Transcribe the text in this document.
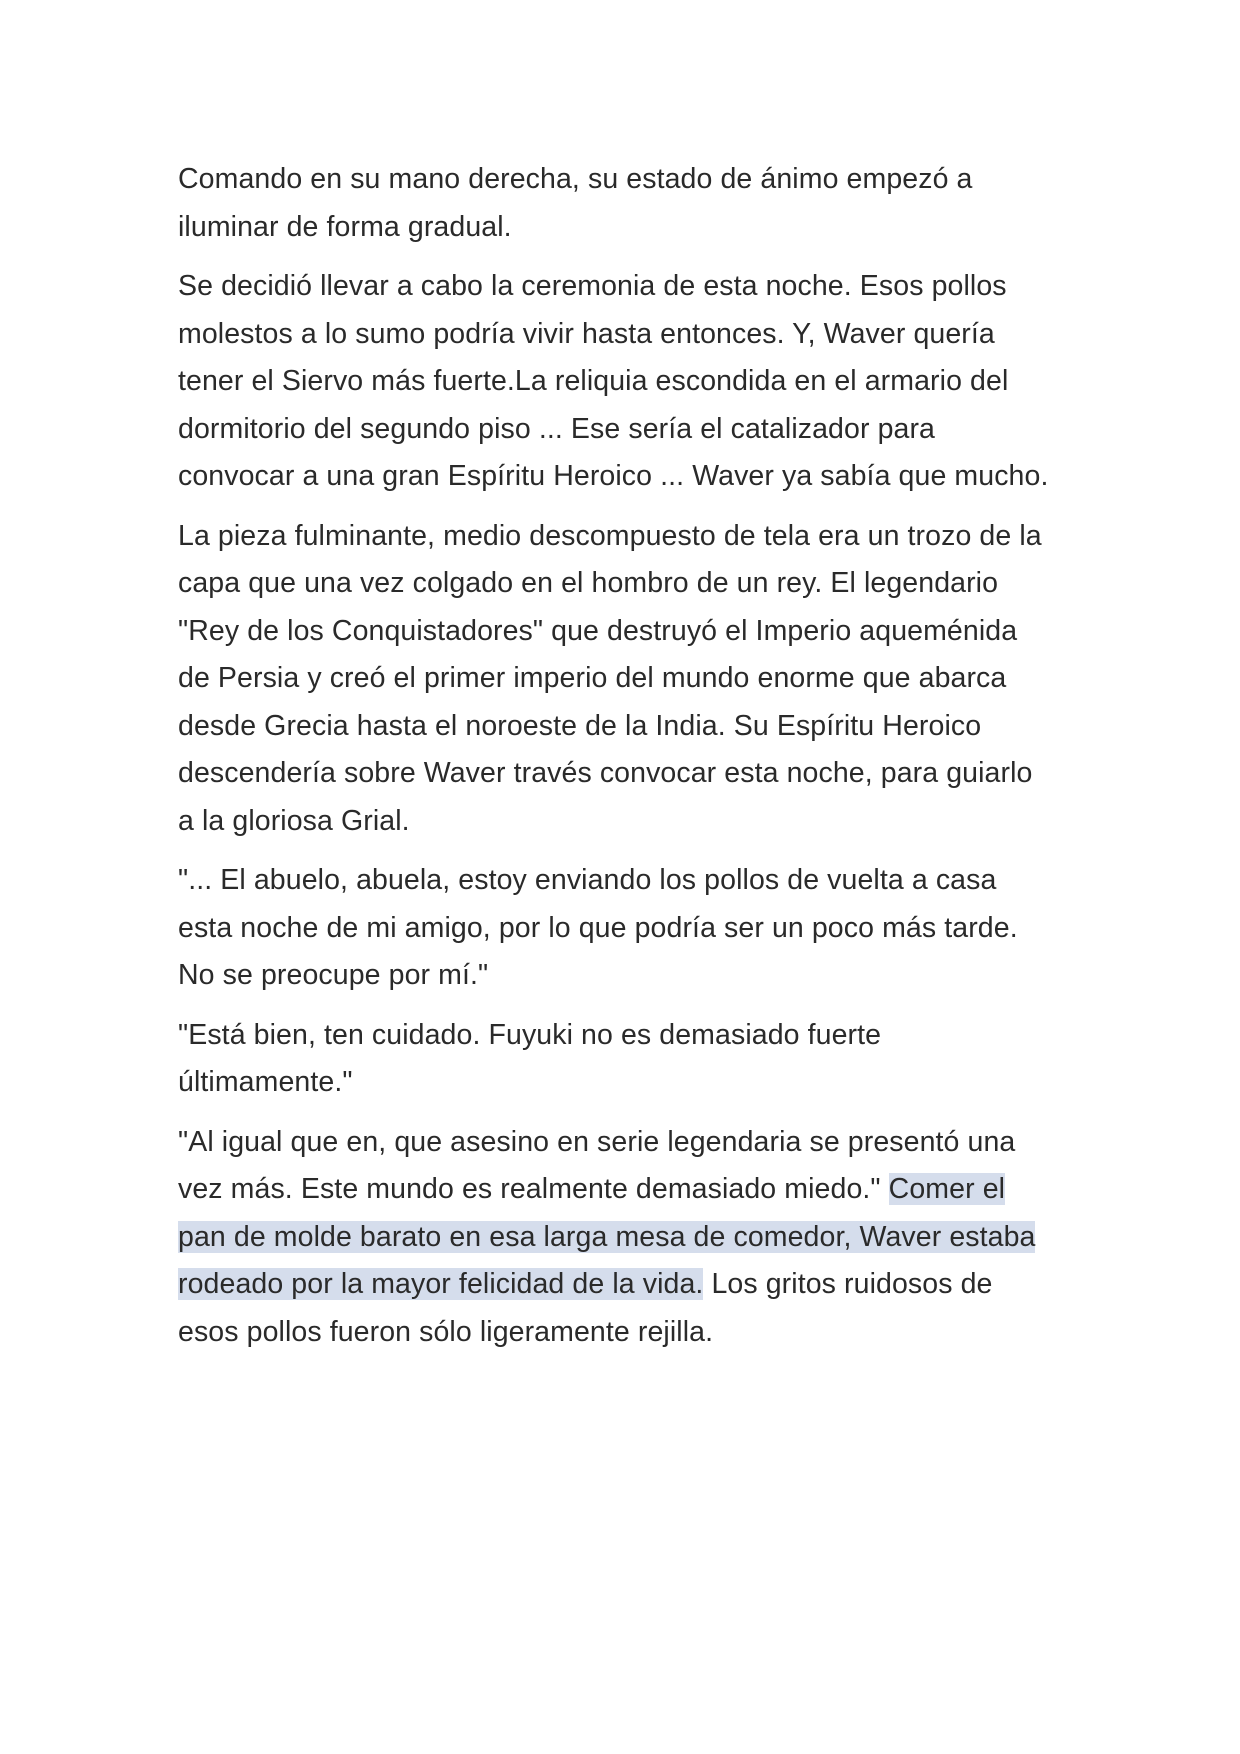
Comando en su mano derecha, su estado de ánimo empezó a
iluminar de forma gradual.
Se decidió llevar a cabo la ceremonia de esta noche. Esos pollos
molestos a lo sumo podría vivir hasta entonces. Y, Waver quería
tener el Siervo más fuerte.La reliquia escondida en el armario del
dormitorio del segundo piso ... Ese sería el catalizador para
convocar a una gran Espíritu Heroico ... Waver ya sabía que mucho.
La pieza fulminante, medio descompuesto de tela era un trozo de la
capa que una vez colgado en el hombro de un rey. El legendario
"Rey de los Conquistadores" que destruyó el Imperio aqueménida
de Persia y creó el primer imperio del mundo enorme que abarca
desde Grecia hasta el noroeste de la India. Su Espíritu Heroico
descendería sobre Waver través convocar esta noche, para guiarlo
a la gloriosa Grial.
"... El abuelo, abuela, estoy enviando los pollos de vuelta a casa
esta noche de mi amigo, por lo que podría ser un poco más tarde.
No se preocupe por mí."
"Está bien, ten cuidado. Fuyuki no es demasiado fuerte
últimamente."
"Al igual que en, que asesino en serie legendaria se presentó una
vez más. Este mundo es realmente demasiado miedo." Comer el
pan de molde barato en esa larga mesa de comedor, Waver estaba
rodeado por la mayor felicidad de la vida. Los gritos ruidosos de
esos pollos fueron sólo ligeramente rejilla.
